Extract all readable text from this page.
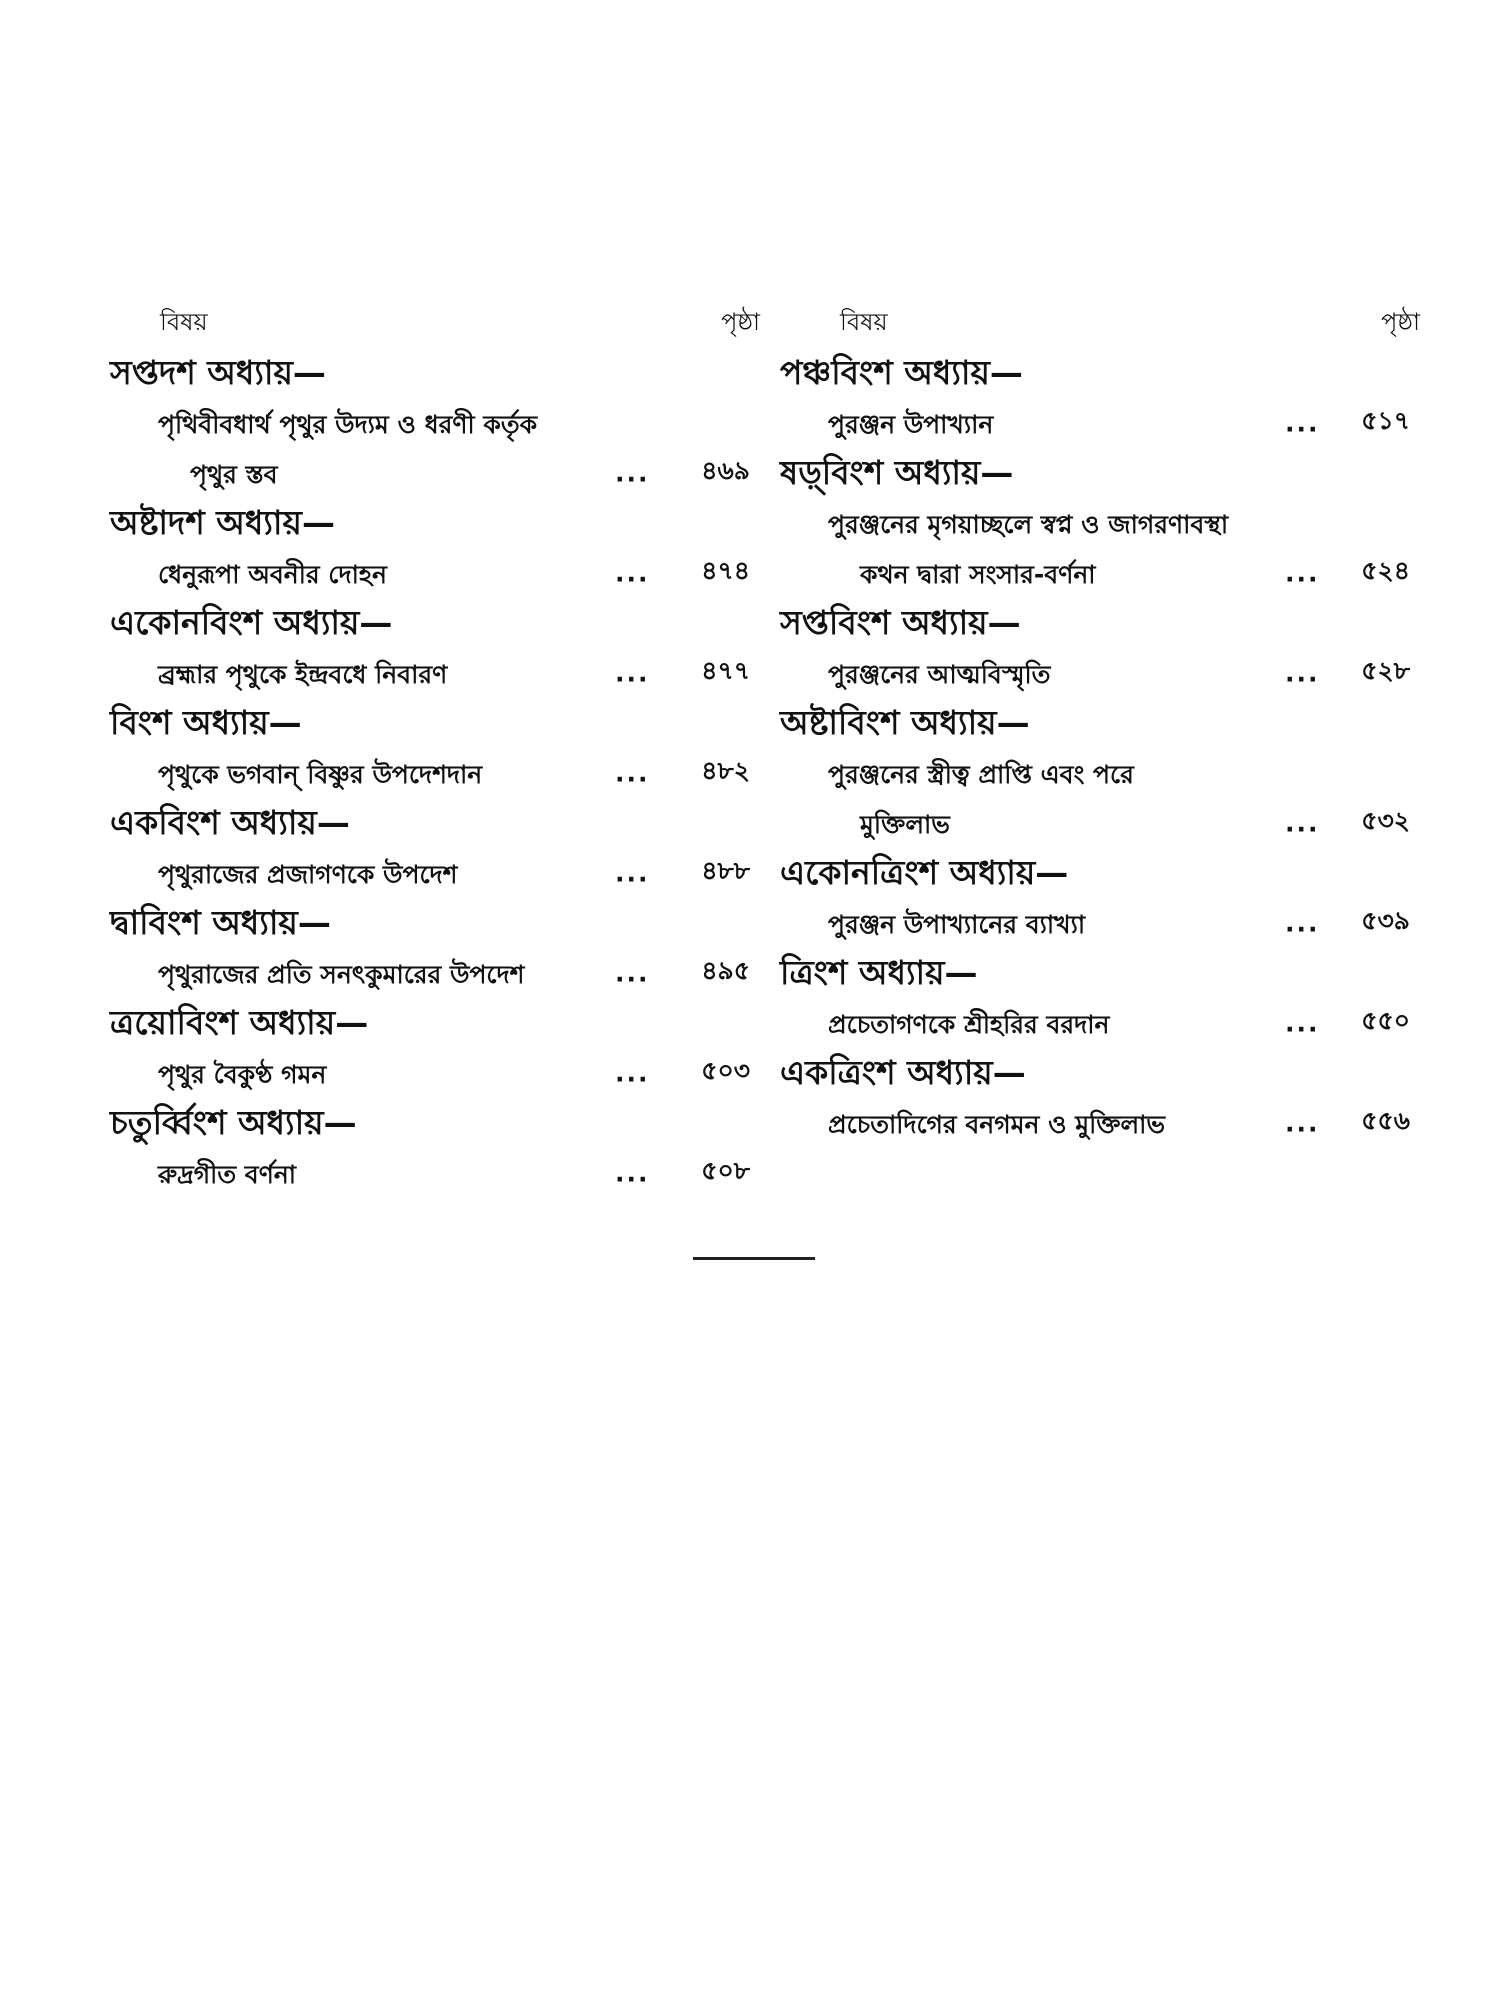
বিষয়	পৃষ্ঠা
সপ্তদশ অধ্যায়—
পৃথিবীবধার্থ পৃথুর উদ্যম ও ধরণী কর্তৃক
পৃথুর স্তব	··· ৪৬৯
অষ্টাদশ অধ্যায়—
ধেনুরূপা অবনীর দোহন	··· ৪৭৪
একোনবিংশ অধ্যায়—
ব্রহ্মার পৃথুকে ইন্দ্রবধে নিবারণ	··· ৪৭৭
বিংশ অধ্যায়—
পৃথুকে ভগবান্ বিষ্ণুর উপদেশদান	··· ৪৮২
একবিংশ অধ্যায়—
পৃথুরাজের প্রজাগণকে উপদেশ	··· ৪৮৮
দ্বাবিংশ অধ্যায়—
পৃথুরাজের প্রতি সনৎকুমারের উপদেশ	··· ৪৯৫
ত্রয়োবিংশ অধ্যায়—
পৃথুর বৈকুণ্ঠ গমন	··· ৫০৩
চতুর্ব্বিংশ অধ্যায়—
রুদ্রগীত বর্ণনা	··· ৫০৮
বিষয়	পৃষ্ঠা
পঞ্চবিংশ অধ্যায়—
পুরঞ্জন উপাখ্যান	··· ৫১৭
ষড়্‌বিংশ অধ্যায়—
পুরঞ্জনের মৃগয়াচ্ছলে স্বপ্ন ও জাগরণাবস্থা
কথন দ্বারা সংসার-বর্ণনা	··· ৫২৪
সপ্তবিংশ অধ্যায়—
পুরঞ্জনের আত্মবিস্মৃতি	··· ৫২৮
অষ্টাবিংশ অধ্যায়—
পুরঞ্জনের স্ত্রীত্ব প্রাপ্তি এবং পরে
মুক্তিলাভ	··· ৫৩২
একোনত্রিংশ অধ্যায়—
পুরঞ্জন উপাখ্যানের ব্যাখ্যা	··· ৫৩৯
ত্রিংশ অধ্যায়—
প্রচেতাগণকে শ্রীহরির বরদান	··· ৫৫০
একত্রিংশ অধ্যায়—
প্রচেতাদিগের বনগমন ও মুক্তিলাভ	··· ৫৫৬
